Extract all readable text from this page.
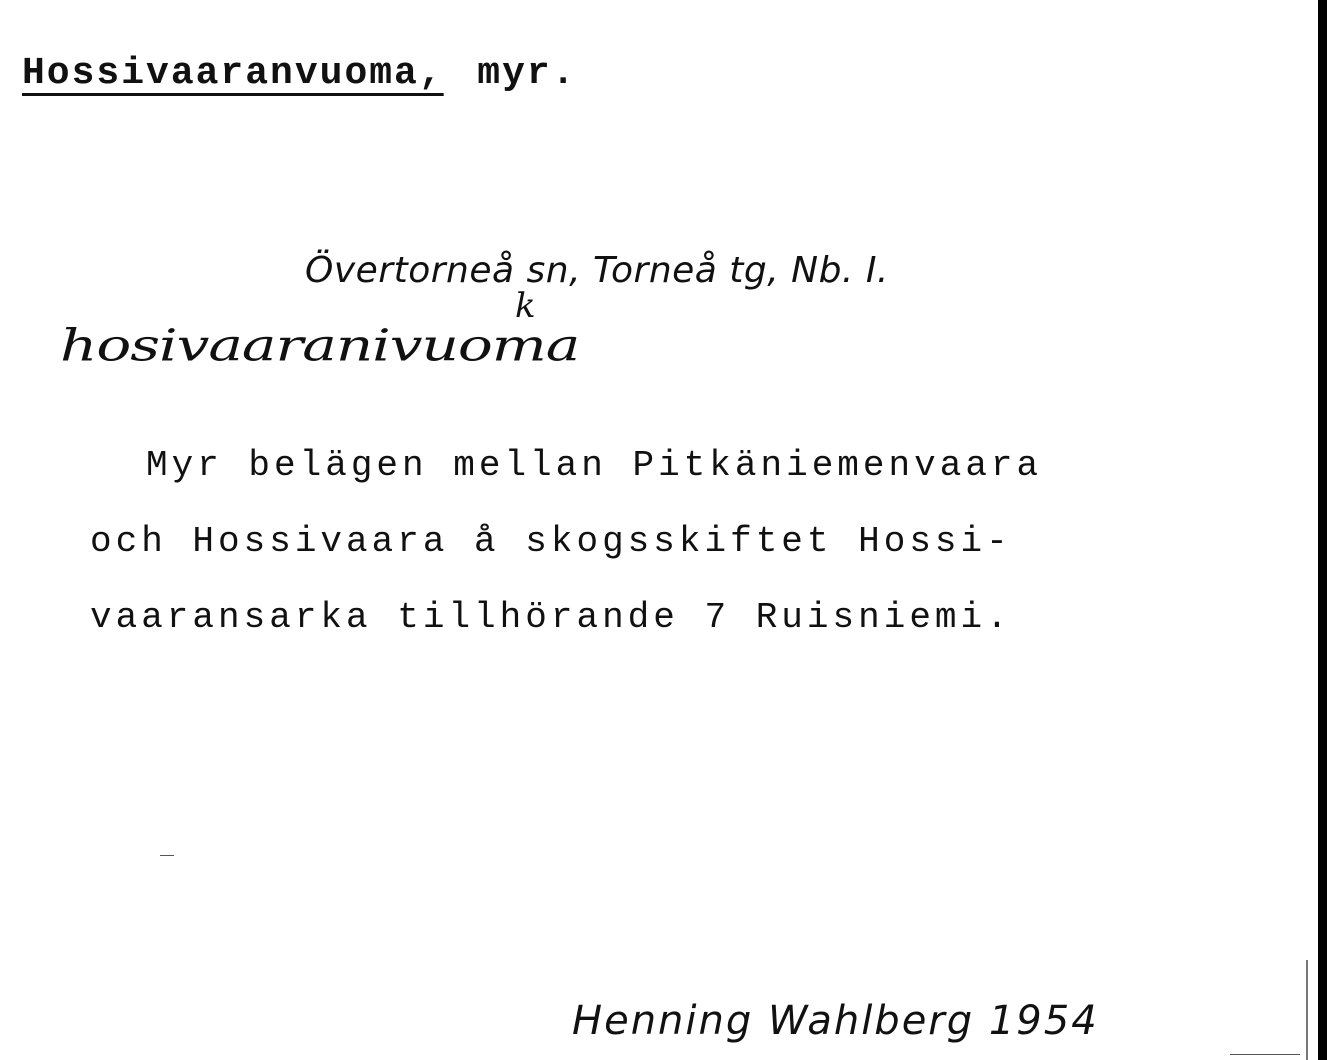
Hossivaaranvuoma, myr.
Övertorneå sn, Torneå tg, Nb. I.
k
hosivaaranivuoma
Myr belägen mellan Pitkäniemenvaara
och Hossivaara å skogsskiftet Hossi-
vaaransarka tillhörande 7 Ruisniemi.
Henning Wahlberg 1954
